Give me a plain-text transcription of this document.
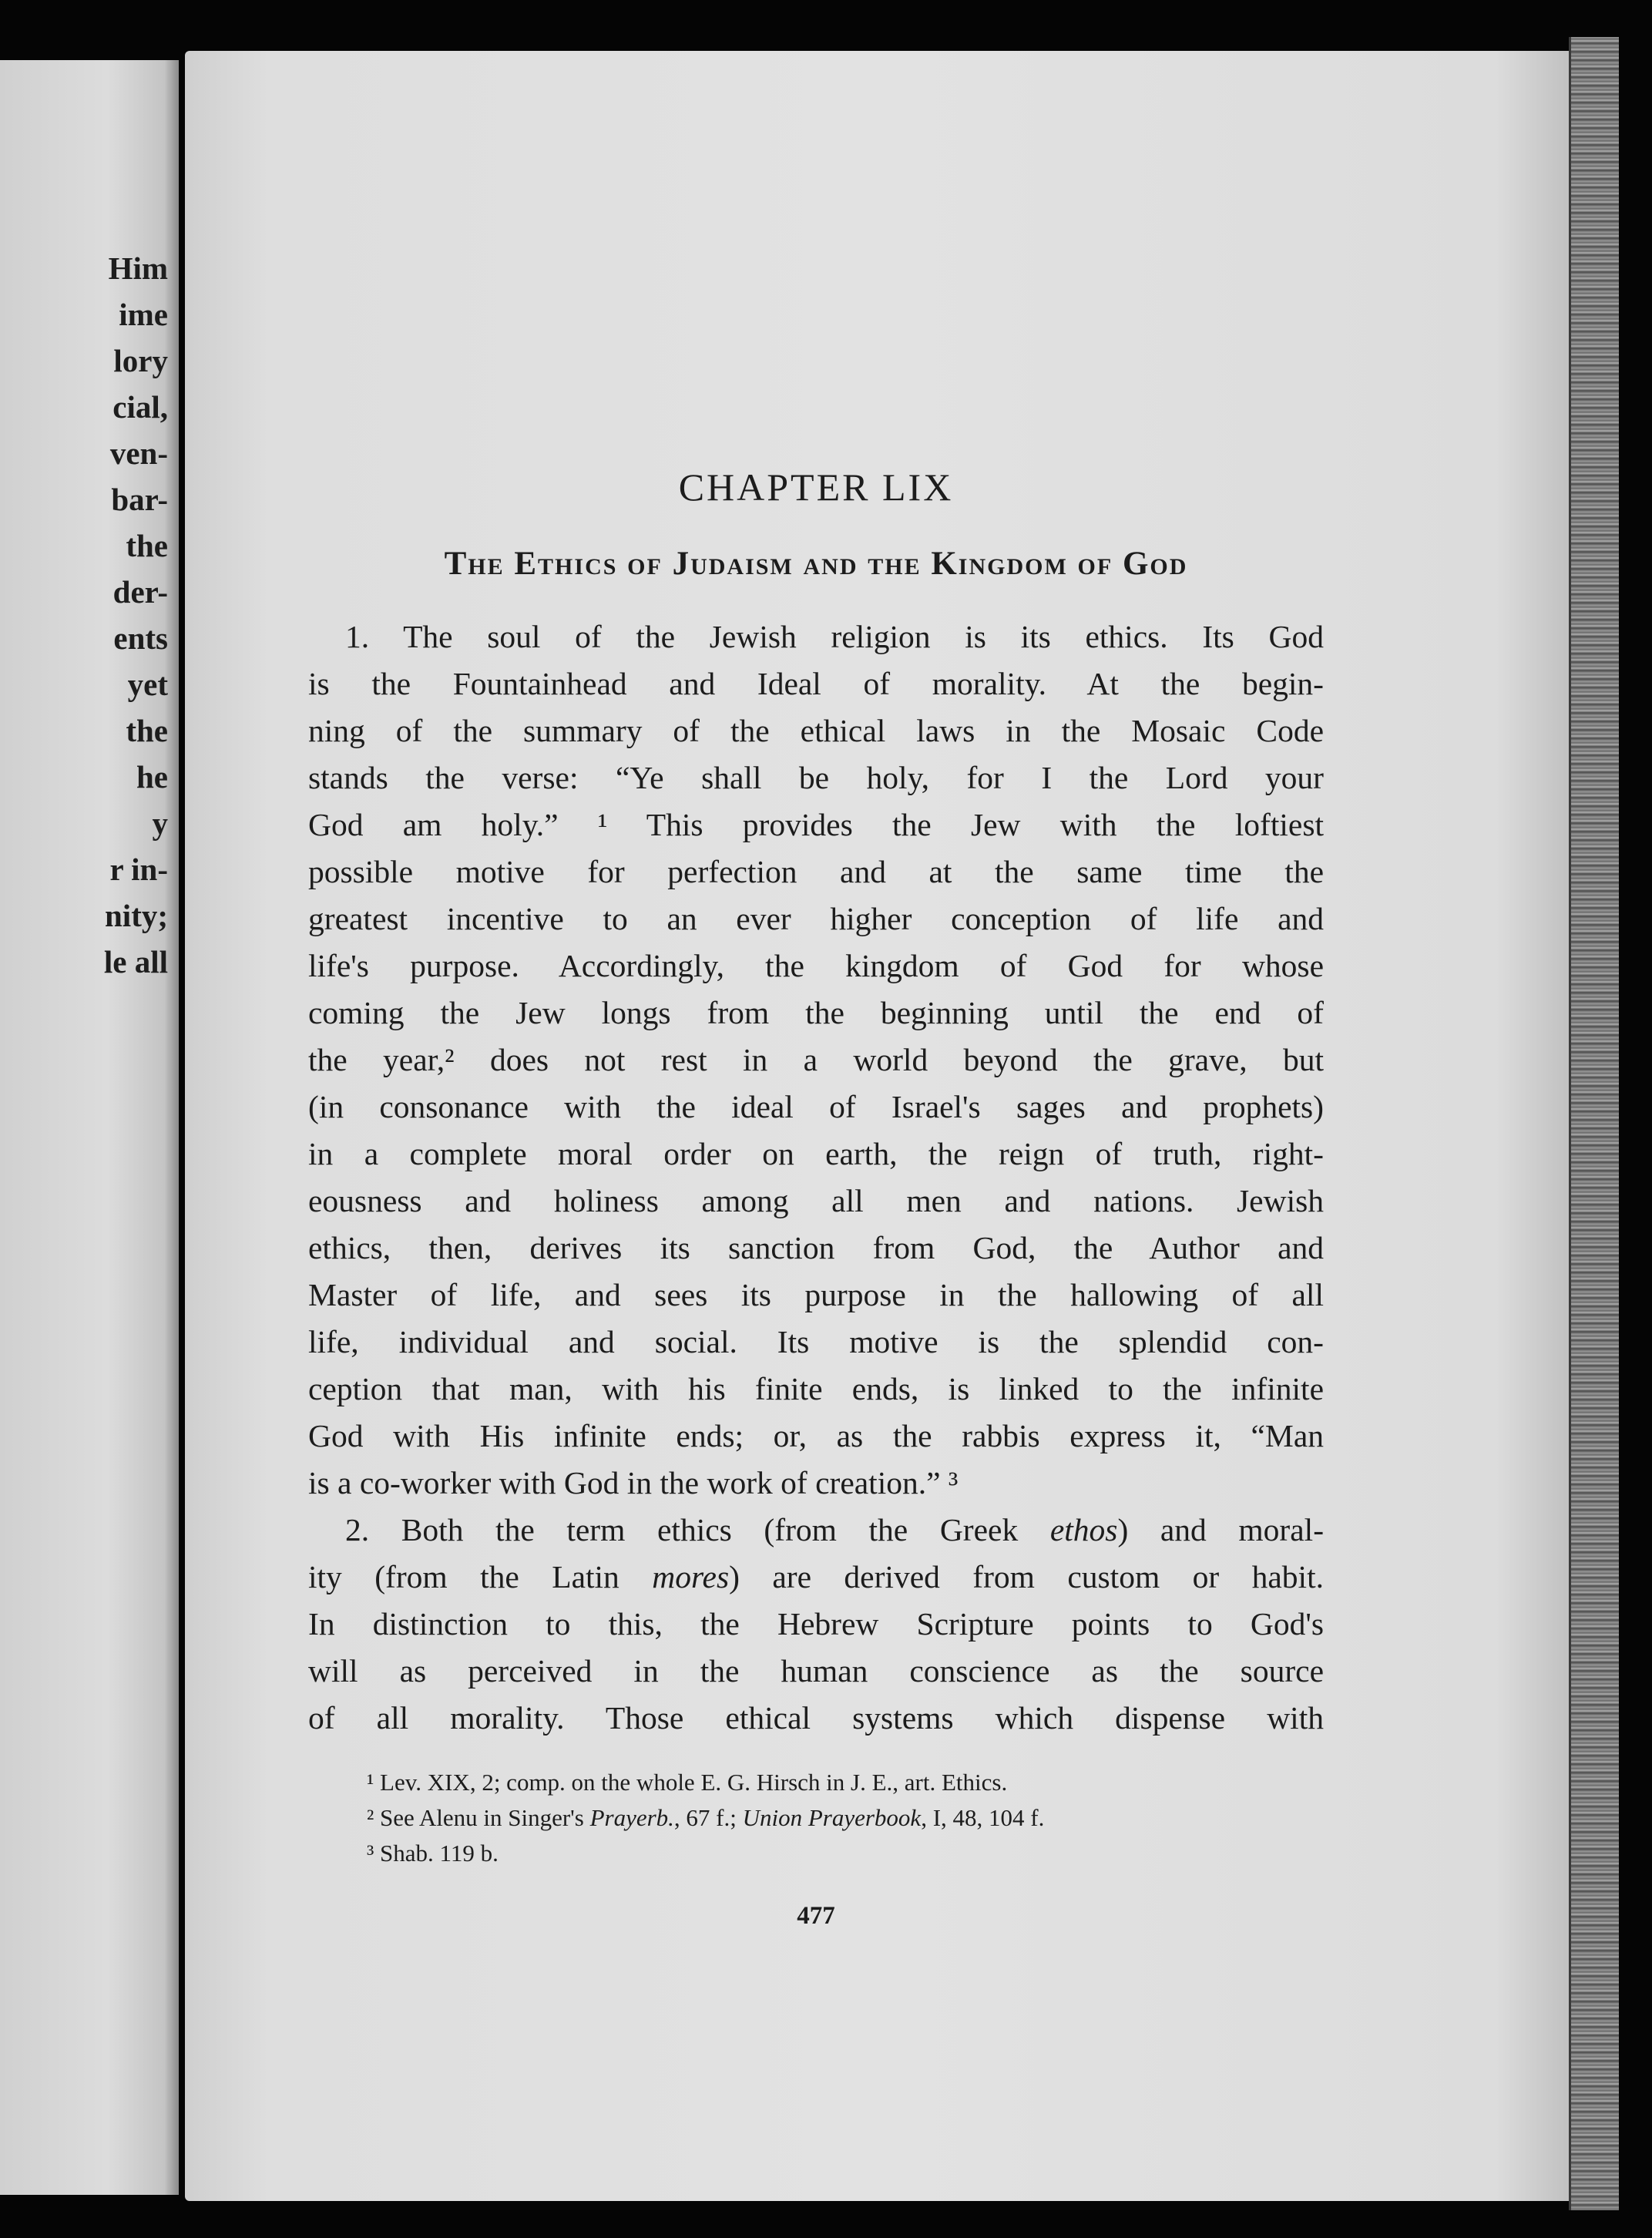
Him
ime
lory
cial,
ven-
bar-
the
der-
ents
yet
the
he
y
r in-
nity;
le all
CHAPTER LIX
The Ethics of Judaism and the Kingdom of God

1. The soul of the Jewish religion is its ethics. Its God
is the Fountainhead and Ideal of morality. At the begin-
ning of the summary of the ethical laws in the Mosaic Code
stands the verse: “Ye shall be holy, for I the Lord your
God am holy.” ¹ This provides the Jew with the loftiest
possible motive for perfection and at the same time the
greatest incentive to an ever higher conception of life and
life's purpose. Accordingly, the kingdom of God for whose
coming the Jew longs from the beginning until the end of
the year,² does not rest in a world beyond the grave, but
(in consonance with the ideal of Israel's sages and prophets)
in a complete moral order on earth, the reign of truth, right-
eousness and holiness among all men and nations. Jewish
ethics, then, derives its sanction from God, the Author and
Master of life, and sees its purpose in the hallowing of all
life, individual and social. Its motive is the splendid con-
ception that man, with his finite ends, is linked to the infinite
God with His infinite ends; or, as the rabbis express it, “Man
is a co-worker with God in the work of creation.” ³

2. Both the term ethics (from the Greek ethos) and moral-
ity (from the Latin mores) are derived from custom or habit.
In distinction to this, the Hebrew Scripture points to God's
will as perceived in the human conscience as the source
of all morality. Those ethical systems which dispense with

¹ Lev. XIX, 2; comp. on the whole E. G. Hirsch in J. E., art. Ethics.
² See Alenu in Singer's Prayerb., 67 f.; Union Prayerbook, I, 48, 104 f.
³ Shab. 119 b.
477
